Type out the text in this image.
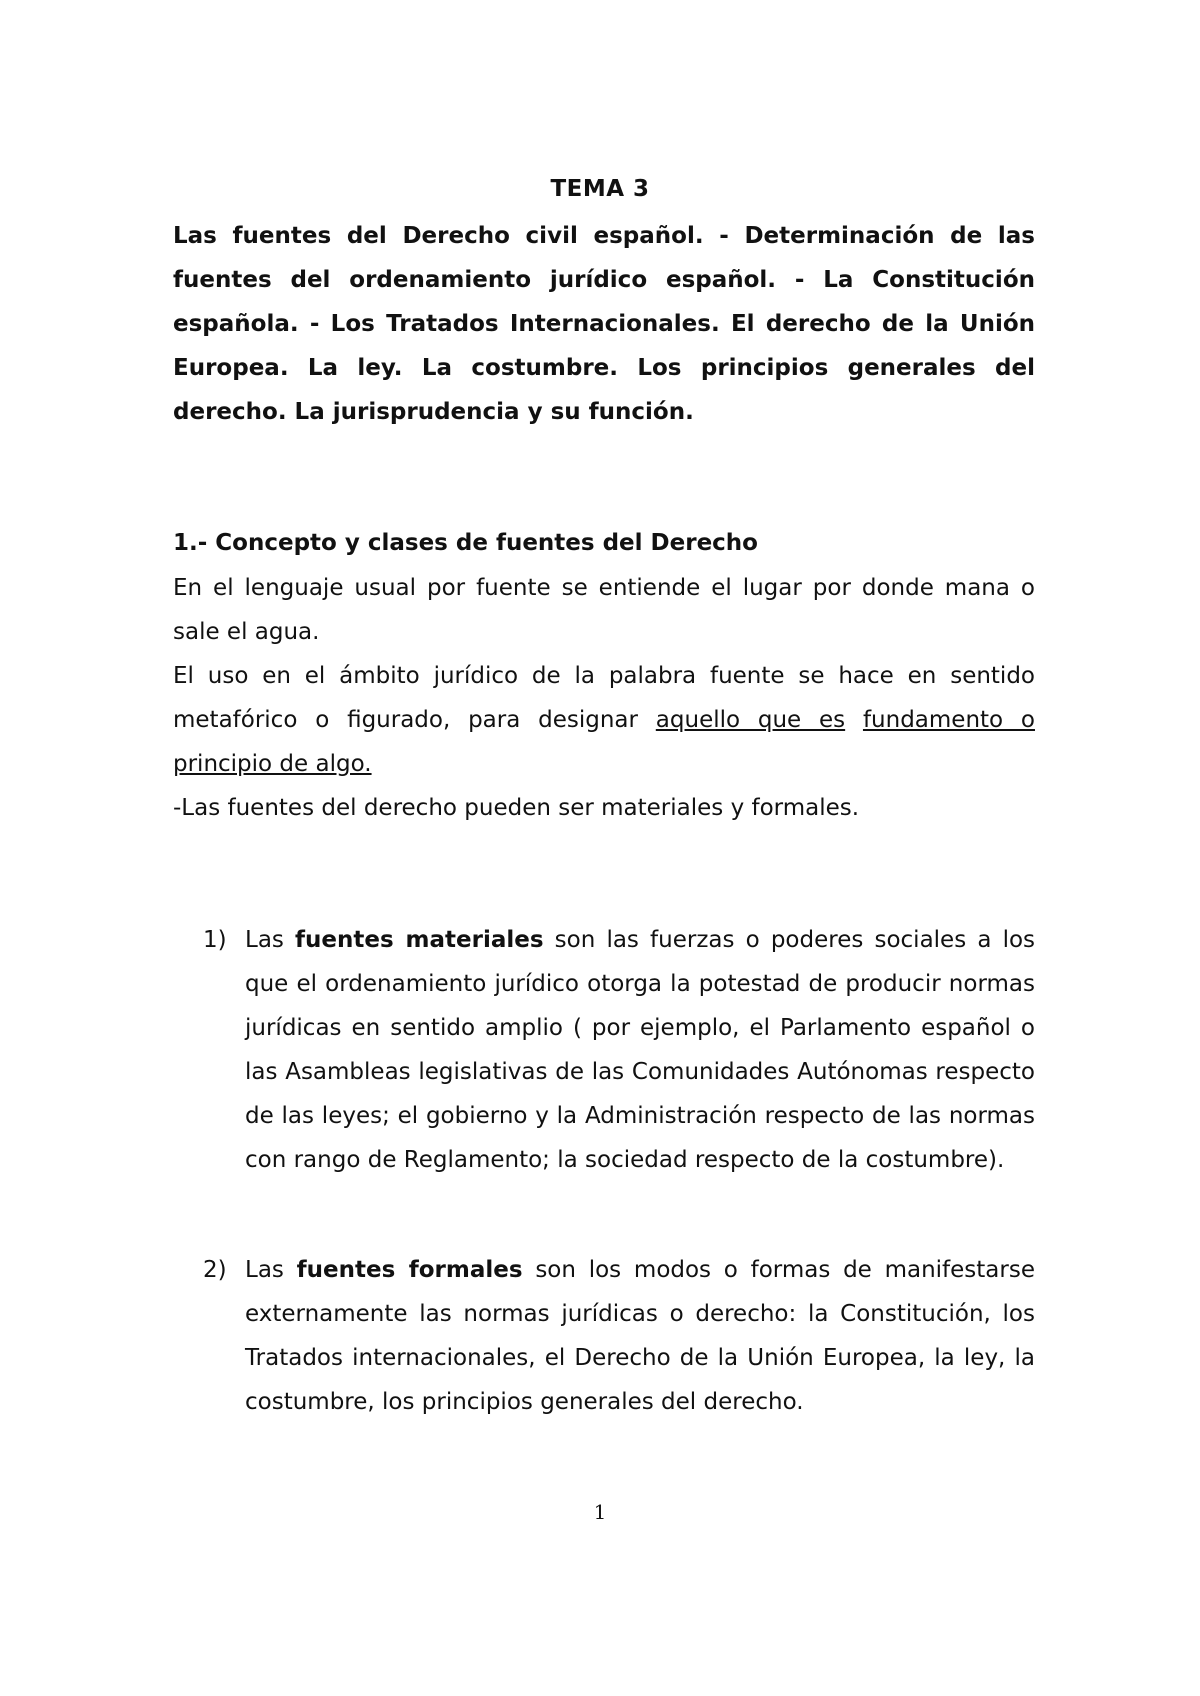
TEMA 3
Las fuentes del Derecho civil español. - Determinación de las fuentes del ordenamiento jurídico español. - La Constitución española. - Los Tratados Internacionales. El derecho de la Unión Europea. La ley. La costumbre. Los principios generales del derecho. La jurisprudencia y su función.
1.- Concepto y clases de fuentes del Derecho

En el lenguaje usual por fuente se entiende el lugar por donde mana o sale el agua.

El uso en el ámbito jurídico de la palabra fuente se hace en sentido metafórico o figurado, para designar aquello que es fundamento o principio de algo.

-Las fuentes del derecho pueden ser materiales y formales.

1) Las fuentes materiales son las fuerzas o poderes sociales a los que el ordenamiento jurídico otorga la potestad de producir normas jurídicas en sentido amplio ( por ejemplo, el Parlamento español o las Asambleas legislativas de las Comunidades Autónomas respecto de las leyes; el gobierno y la Administración respecto de las normas con rango de Reglamento; la sociedad respecto de la costumbre).
2) Las fuentes formales son los modos o formas de manifestarse externamente las normas jurídicas o derecho: la Constitución, los Tratados internacionales, el Derecho de la Unión Europea, la ley, la costumbre, los principios generales del derecho.
1
